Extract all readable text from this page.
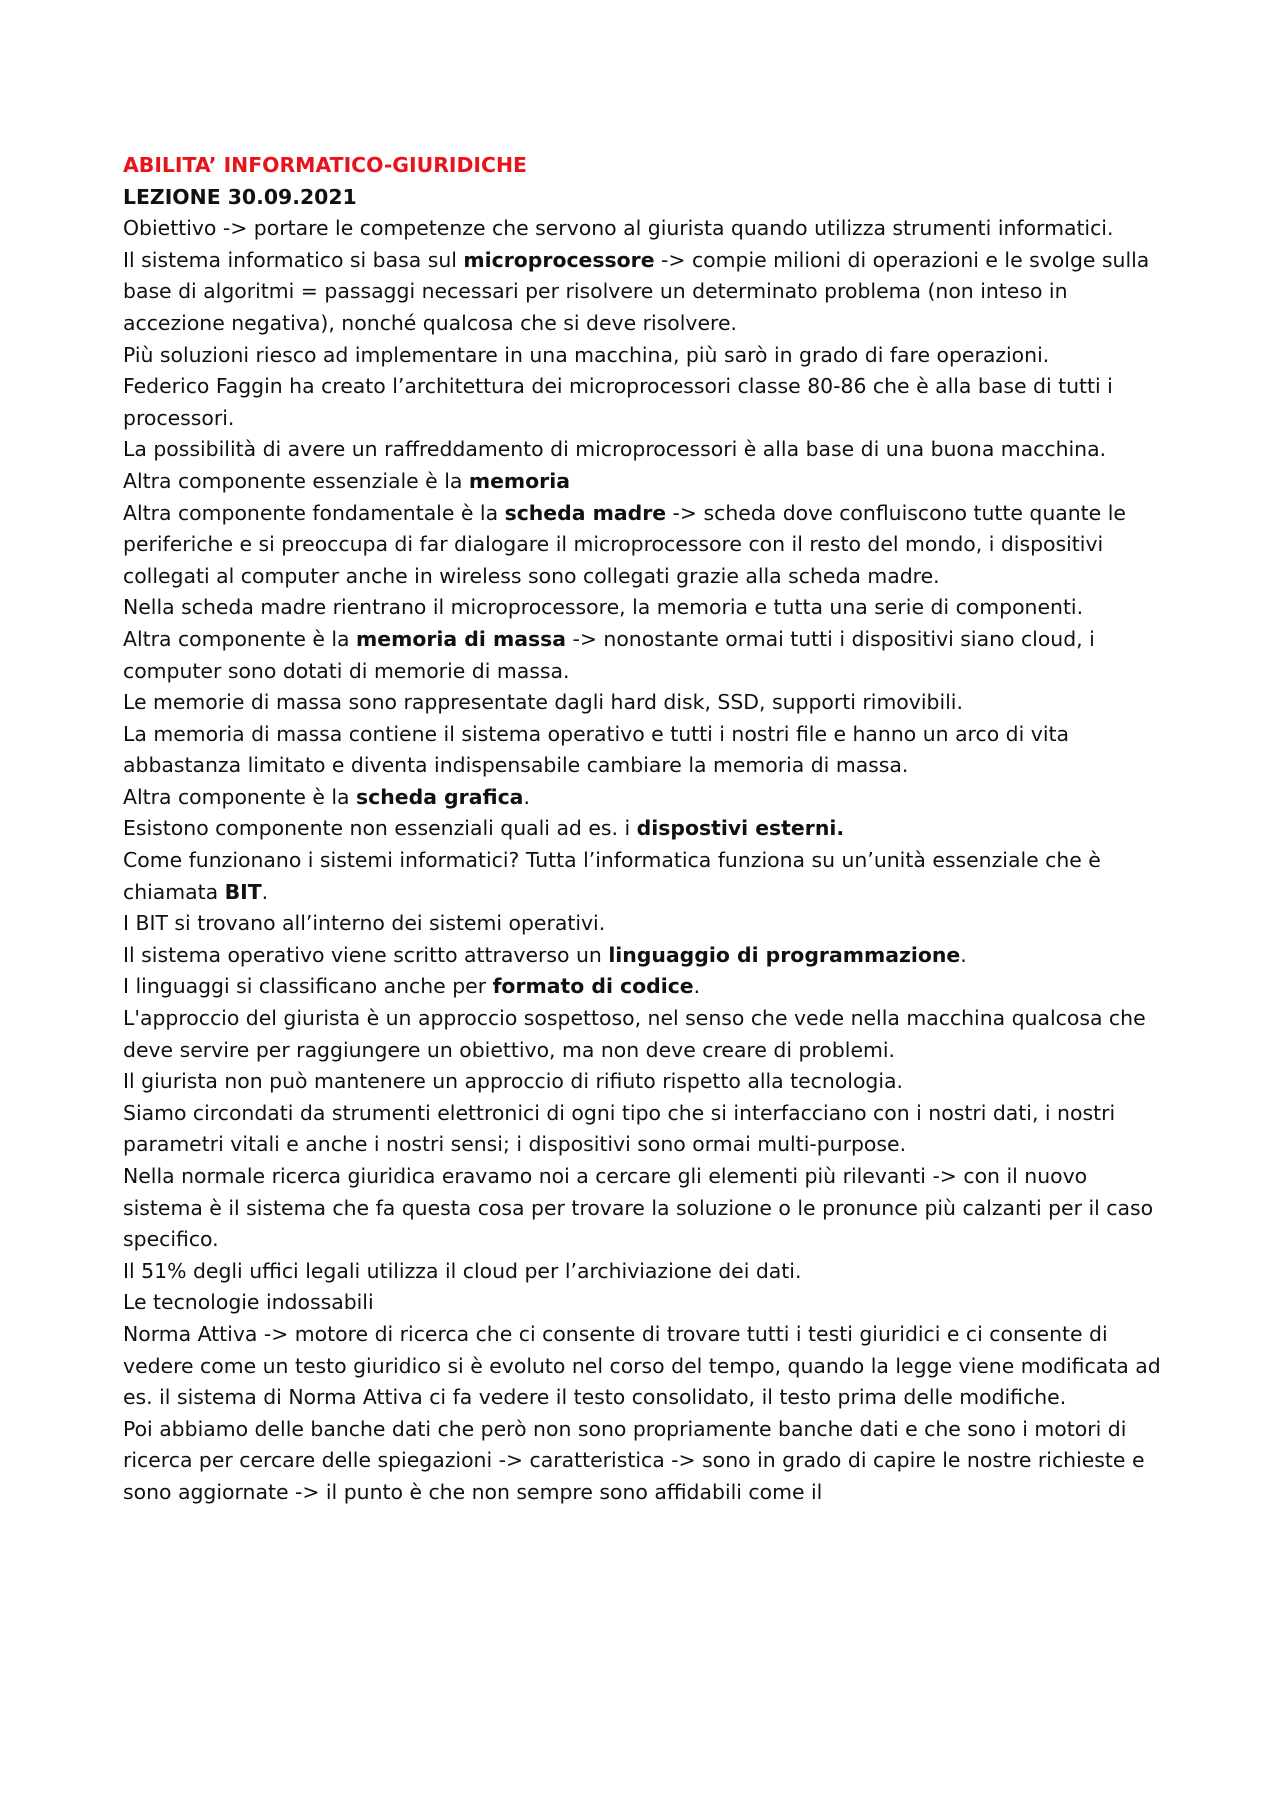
ABILITA’ INFORMATICO-GIURIDICHE
LEZIONE 30.09.2021

Obiettivo -> portare le competenze che servono al giurista quando utilizza strumenti informatici.

Il sistema informatico si basa sul microprocessore -> compie milioni di operazioni e le svolge sulla base di algoritmi = passaggi necessari per risolvere un determinato problema (non inteso in accezione negativa), nonché qualcosa che si deve risolvere.

Più soluzioni riesco ad implementare in una macchina, più sarò in grado di fare operazioni.

Federico Faggin ha creato l’architettura dei microprocessori classe 80-86 che è alla base di tutti i processori.

La possibilità di avere un raffreddamento di microprocessori è alla base di una buona macchina.

Altra componente essenziale è la memoria

Altra componente fondamentale è la scheda madre -> scheda dove confluiscono tutte quante le periferiche e si preoccupa di far dialogare il microprocessore con il resto del mondo, i dispositivi collegati al computer anche in wireless sono collegati grazie alla scheda madre.

Nella scheda madre rientrano il microprocessore, la memoria e tutta una serie di componenti.

Altra componente è la memoria di massa -> nonostante ormai tutti i dispositivi siano cloud, i computer sono dotati di memorie di massa.

Le memorie di massa sono rappresentate dagli hard disk, SSD, supporti rimovibili.

La memoria di massa contiene il sistema operativo e tutti i nostri file e hanno un arco di vita abbastanza limitato e diventa indispensabile cambiare la memoria di massa.

Altra componente è la scheda grafica.

Esistono componente non essenziali quali ad es. i dispostivi esterni.

Come funzionano i sistemi informatici? Tutta l’informatica funziona su un’unità essenziale che è chiamata BIT.

I BIT si trovano all’interno dei sistemi operativi.

Il sistema operativo viene scritto attraverso un linguaggio di programmazione.

I linguaggi si classificano anche per formato di codice.

L'approccio del giurista è un approccio sospettoso, nel senso che vede nella macchina qualcosa che deve servire per raggiungere un obiettivo, ma non deve creare di problemi.

Il giurista non può mantenere un approccio di rifiuto rispetto alla tecnologia.

Siamo circondati da strumenti elettronici di ogni tipo che si interfacciano con i nostri dati, i nostri parametri vitali e anche i nostri sensi; i dispositivi sono ormai multi-purpose.

Nella normale ricerca giuridica eravamo noi a cercare gli elementi più rilevanti -> con il nuovo sistema è il sistema che fa questa cosa per trovare la soluzione o le pronunce più calzanti per il caso specifico.

Il 51% degli uffici legali utilizza il cloud per l’archiviazione dei dati.

Le tecnologie indossabili

Norma Attiva -> motore di ricerca che ci consente di trovare tutti i testi giuridici e ci consente di vedere come un testo giuridico si è evoluto nel corso del tempo, quando la legge viene modificata ad es. il sistema di Norma Attiva ci fa vedere il testo consolidato, il testo prima delle modifiche.

Poi abbiamo delle banche dati che però non sono propriamente banche dati e che sono i motori di ricerca per cercare delle spiegazioni -> caratteristica -> sono in grado di capire le nostre richieste e sono aggiornate -> il punto è che non sempre sono affidabili come il
